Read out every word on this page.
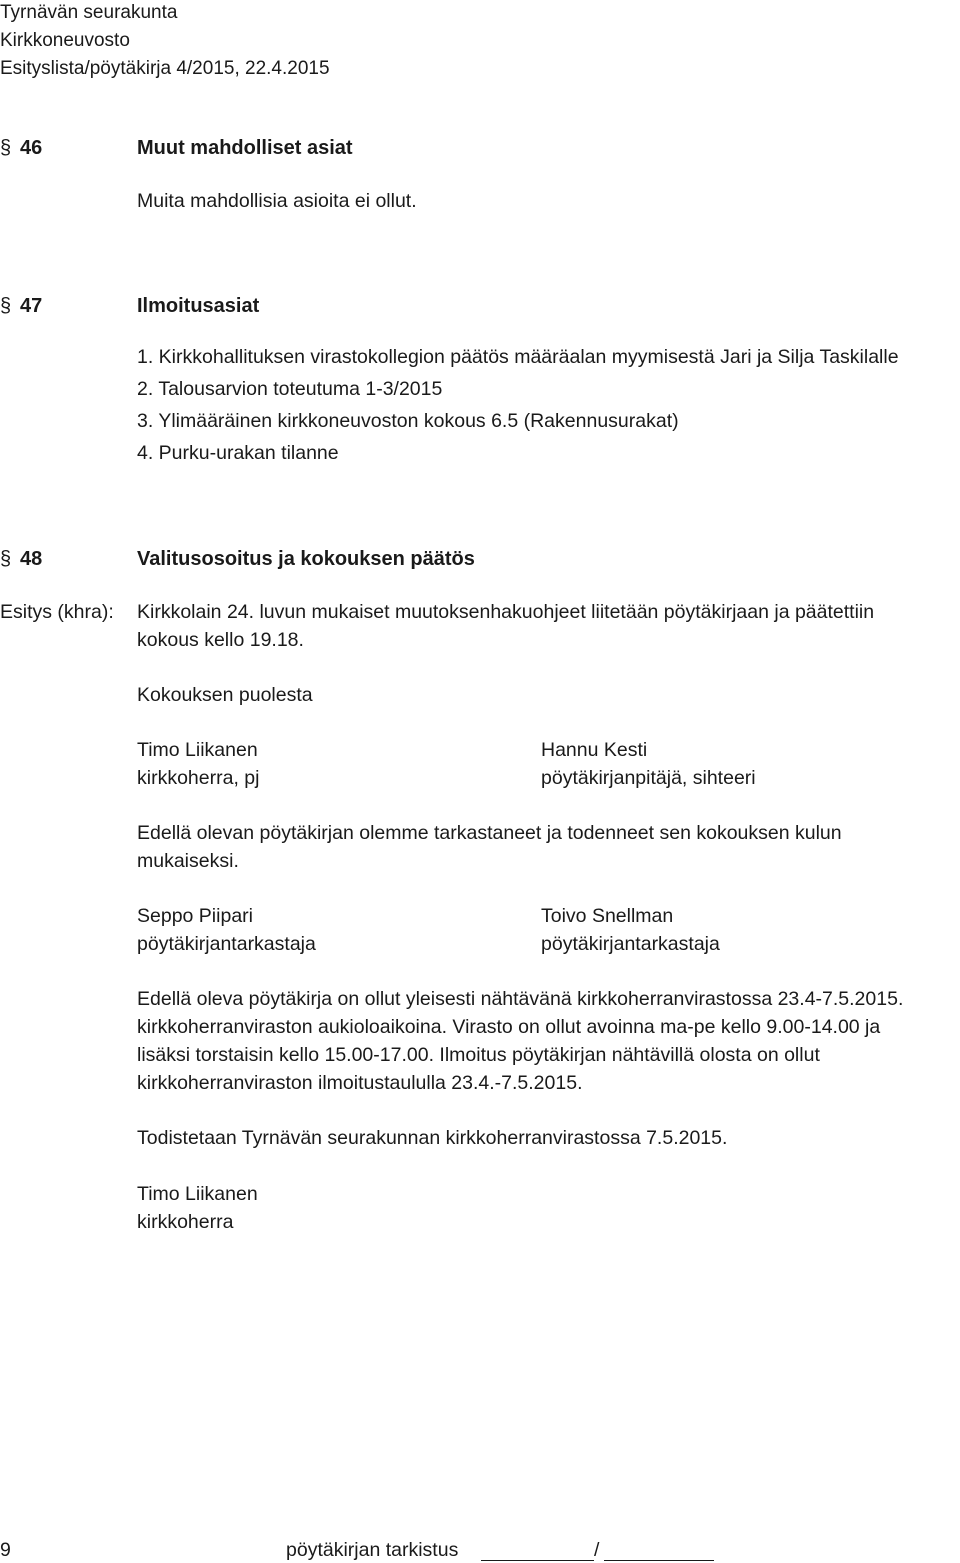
Tyrnävän seurakunta
Kirkkoneuvosto
Esityslista/pöytäkirja 4/2015, 22.4.2015
§ 46	Muut mahdolliset asiat
Muita mahdollisia asioita ei ollut.
§ 47	Ilmoitusasiat
1. Kirkkohallituksen virastokollegion päätös määräalan myymisestä Jari ja Silja Taskilalle
2. Talousarvion toteutuma 1-3/2015
3. Ylimääräinen kirkkoneuvoston kokous 6.5 (Rakennusurakat)
4. Purku-urakan tilanne
§ 48	Valitusosoitus ja kokouksen päätös
Esitys (khra): Kirkkolain 24. luvun mukaiset muutoksenhakuohjeet liitetään pöytäkirjaan ja päätettiin
kokous kello 19.18.
Kokouksen puolesta
Timo Liikanen
kirkkoherra, pj
Hannu Kesti
pöytäkirjanpitäjä, sihteeri
Edellä olevan pöytäkirjan olemme tarkastaneet ja todenneet sen kokouksen kulun
mukaiseksi.
Seppo Piipari
pöytäkirjantarkastaja
Toivo Snellman
pöytäkirjantarkastaja
Edellä oleva pöytäkirja on ollut yleisesti nähtävänä kirkkoherranvirastossa 23.4-7.5.2015.
kirkkoherranviraston aukioloaikoina. Virasto on ollut avoinna ma-pe kello 9.00-14.00 ja
lisäksi torstaisin kello 15.00-17.00. Ilmoitus pöytäkirjan nähtävillä olosta on ollut
kirkkoherranviraston ilmoitustaululla 23.4.-7.5.2015.
Todistetaan Tyrnävän seurakunnan kirkkoherranvirastossa 7.5.2015.
Timo Liikanen
kirkkoherra
9	pöytäkirjan tarkistus	/
